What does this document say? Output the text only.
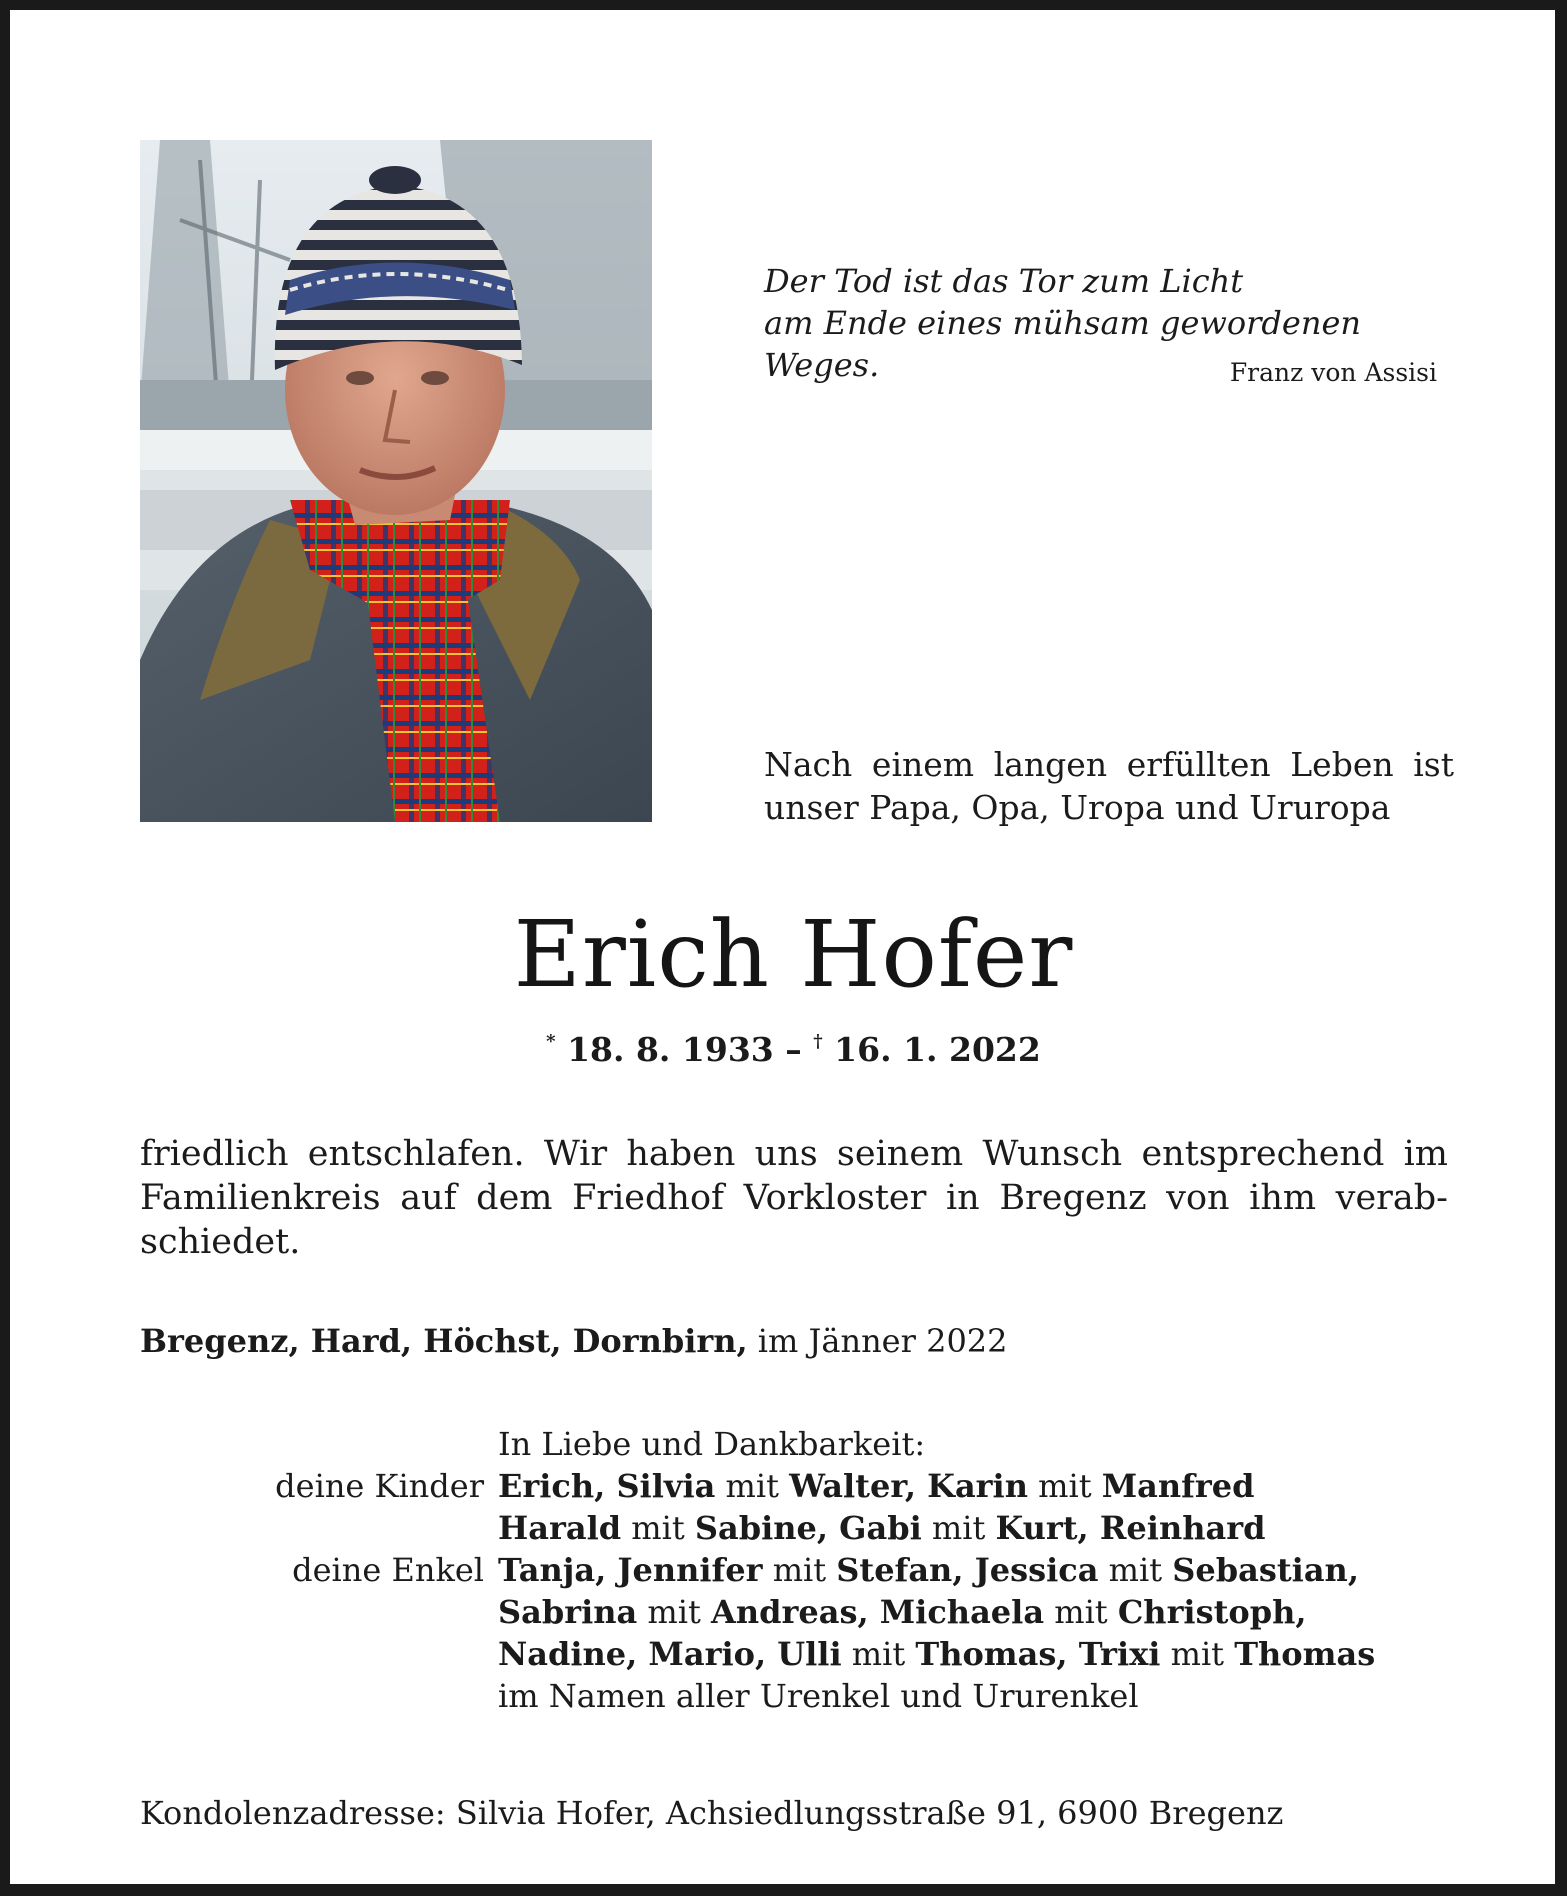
Der Tod ist das Tor zum Licht
am Ende eines mühsam gewordenen Weges.	Franz von Assisi
Nach einem langen erfüllten Leben ist
unser Papa, Opa, Uropa und Ururopa
Erich Hofer
* 18. 8. 1933 – † 16. 1. 2022
friedlich entschlafen. Wir haben uns seinem Wunsch entsprechend im
Familienkreis auf dem Friedhof Vorkloster in Bregenz von ihm verab-
schiedet.
Bregenz, Hard, Höchst, Dornbirn, im Jänner 2022
In Liebe und Dankbarkeit:
deine Kinder Erich, Silvia mit Walter, Karin mit Manfred
Harald mit Sabine, Gabi mit Kurt, Reinhard
deine Enkel Tanja, Jennifer mit Stefan, Jessica mit Sebastian,
Sabrina mit Andreas, Michaela mit Christoph,
Nadine, Mario, Ulli mit Thomas, Trixi mit Thomas
im Namen aller Urenkel und Ururenkel
Kondolenzadresse: Silvia Hofer, Achsiedlungsstraße 91, 6900 Bregenz
